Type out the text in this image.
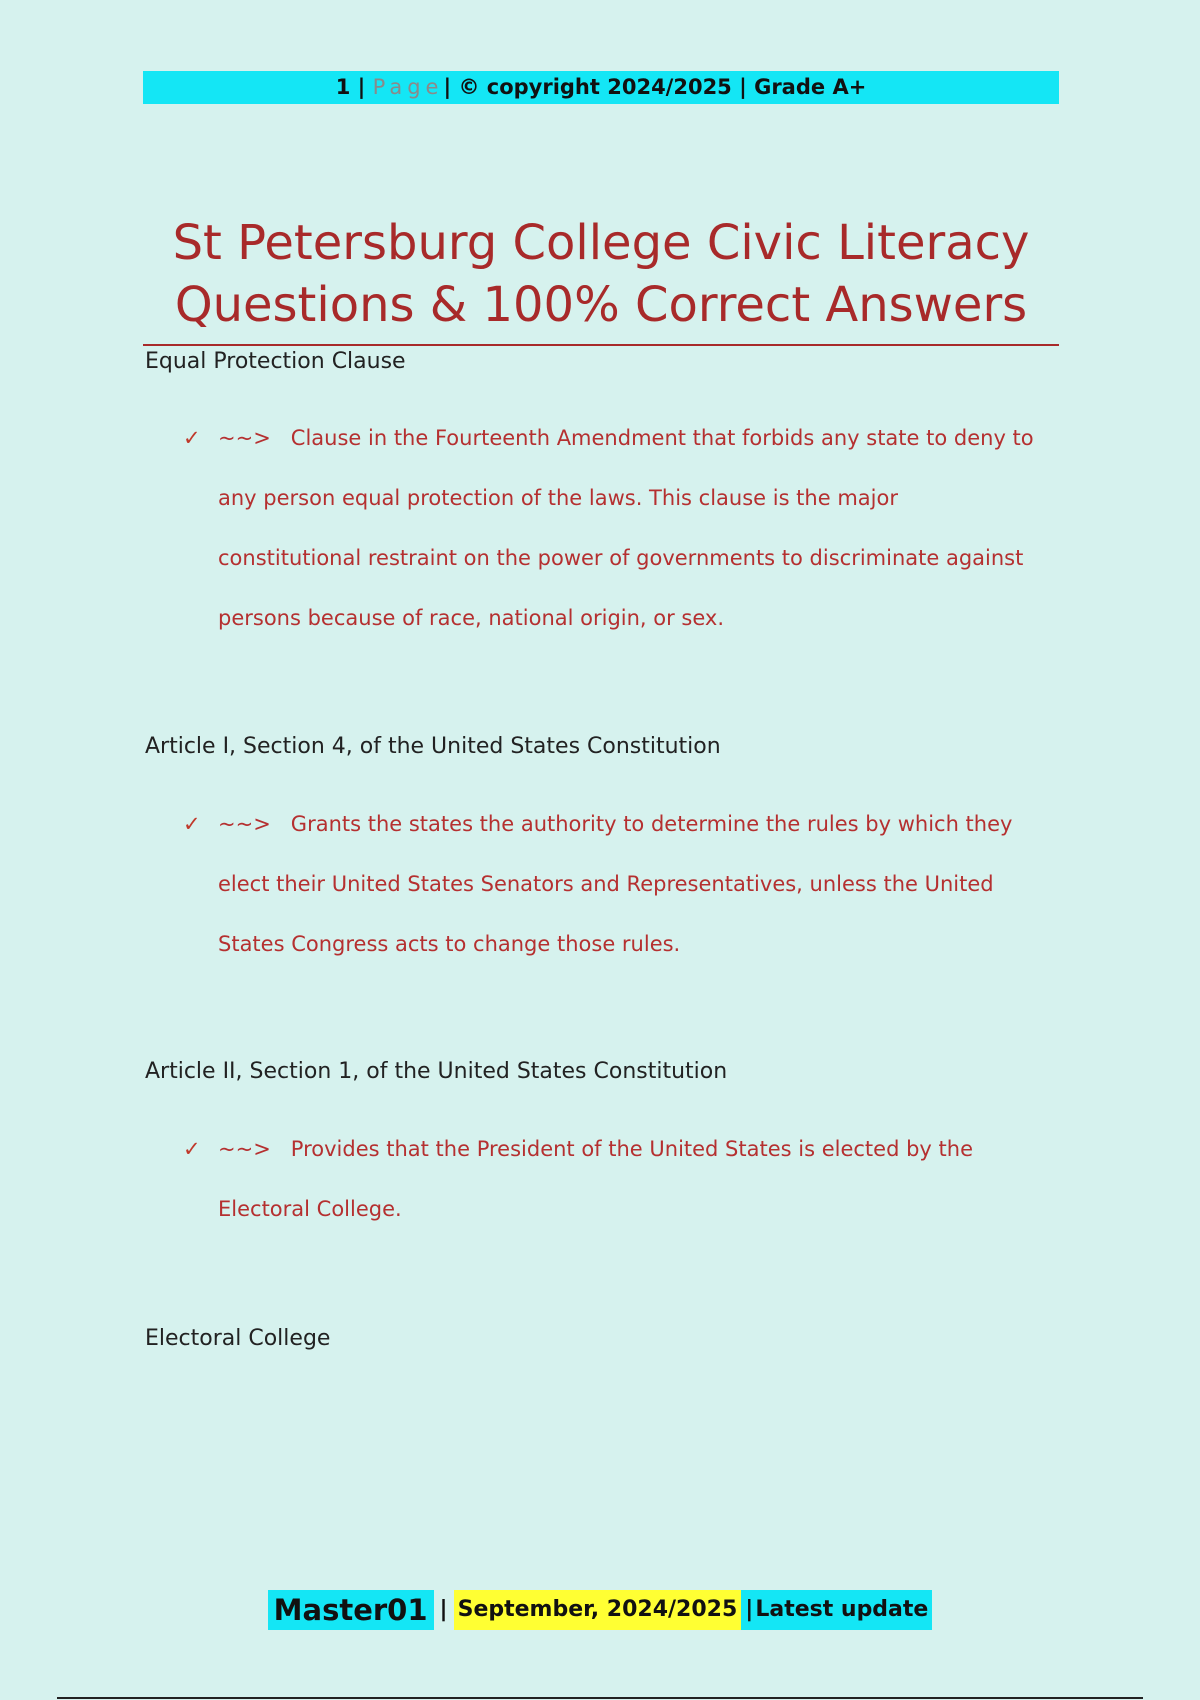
1 | Page| © copyright 2024/2025 | Grade A+
St Petersburg College Civic Literacy
Questions & 100% Correct Answers
Equal Protection Clause
✓ ~~> Clause in the Fourteenth Amendment that forbids any state to deny to any person equal protection of the laws. This clause is the major constitutional restraint on the power of governments to discriminate against persons because of race, national origin, or sex.
Article I, Section 4, of the United States Constitution
✓ ~~> Grants the states the authority to determine the rules by which they elect their United States Senators and Representatives, unless the United States Congress acts to change those rules.
Article II, Section 1, of the United States Constitution
✓ ~~> Provides that the President of the United States is elected by the Electoral College.
Electoral College
Master01 | September, 2024/2025 |Latest update
